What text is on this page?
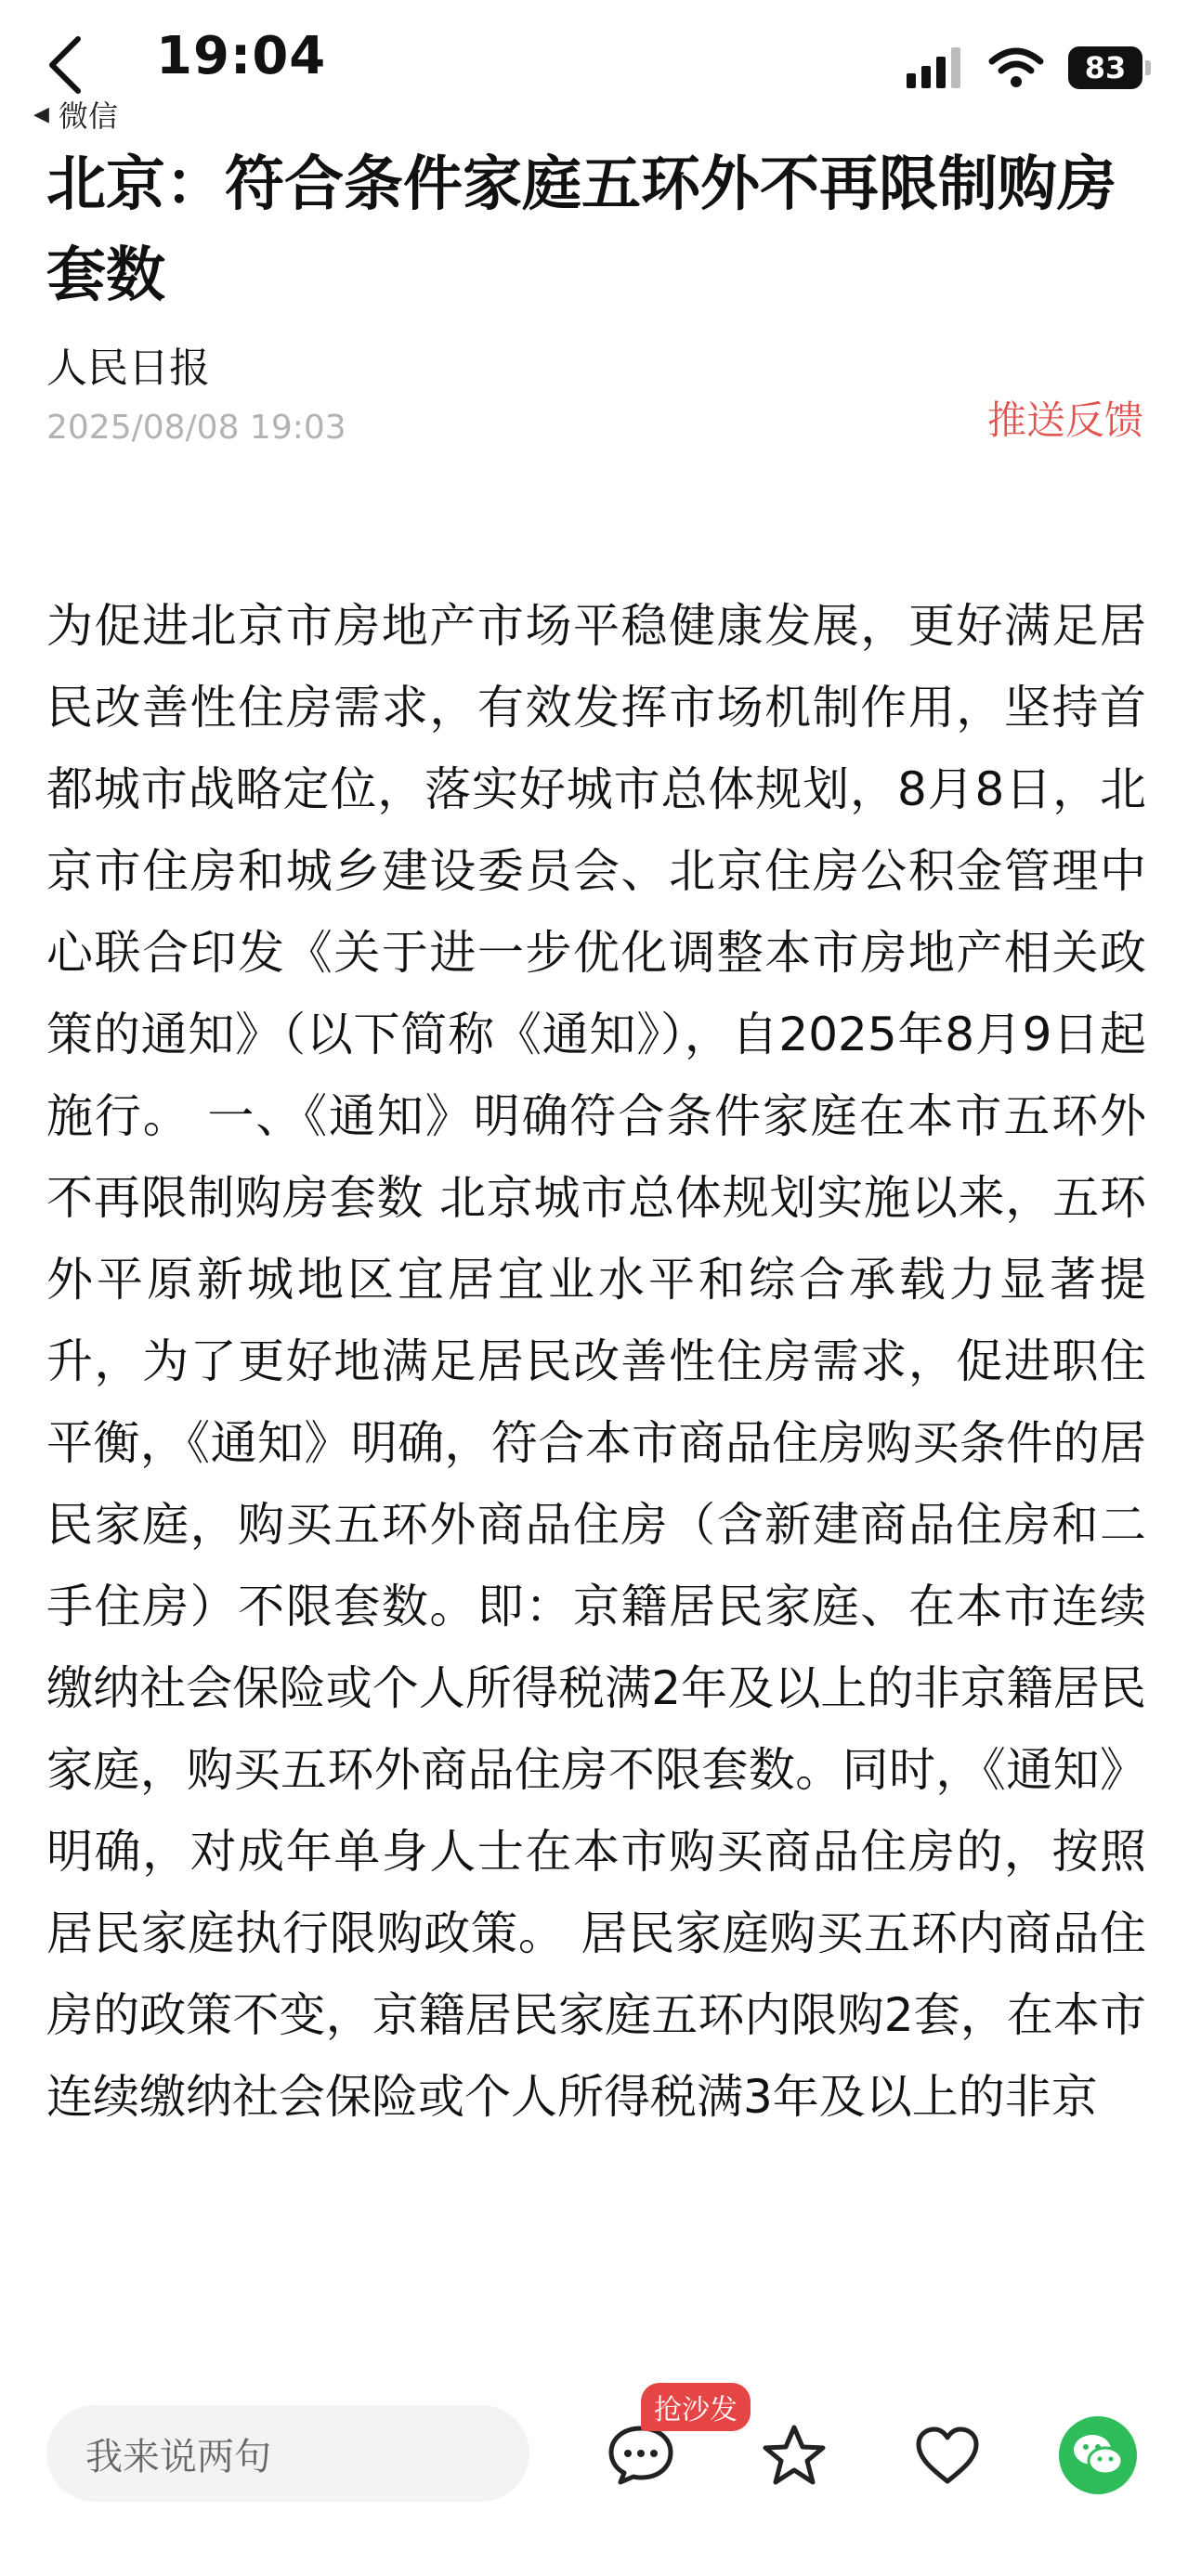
19:04
◀ 微信
83
北京：符合条件家庭五环外不再限制购房套数
人民日报
2025/08/08 19:03	推送反馈
为促进北京市房地产市场平稳健康发展，更好满足居民改善性住房需求，有效发挥市场机制作用，坚持首都城市战略定位，落实好城市总体规划，8月8日，北京市住房和城乡建设委员会、北京住房公积金管理中心联合印发《关于进一步优化调整本市房地产相关政策的通知》（以下简称《通知》），自2025年8月9日起施行。 一、《通知》明确符合条件家庭在本市五环外不再限制购房套数 北京城市总体规划实施以来，五环外平原新城地区宜居宜业水平和综合承载力显著提升，为了更好地满足居民改善性住房需求，促进职住平衡，《通知》明确，符合本市商品住房购买条件的居民家庭，购买五环外商品住房（含新建商品住房和二手住房）不限套数。即：京籍居民家庭、在本市连续缴纳社会保险或个人所得税满2年及以上的非京籍居民家庭，购买五环外商品住房不限套数。同时，《通知》明确，对成年单身人士在本市购买商品住房的，按照居民家庭执行限购政策。 居民家庭购买五环内商品住房的政策不变，京籍居民家庭五环内限购2套，在本市连续缴纳社会保险或个人所得税满3年及以上的非京
我来说两句
抢沙发
